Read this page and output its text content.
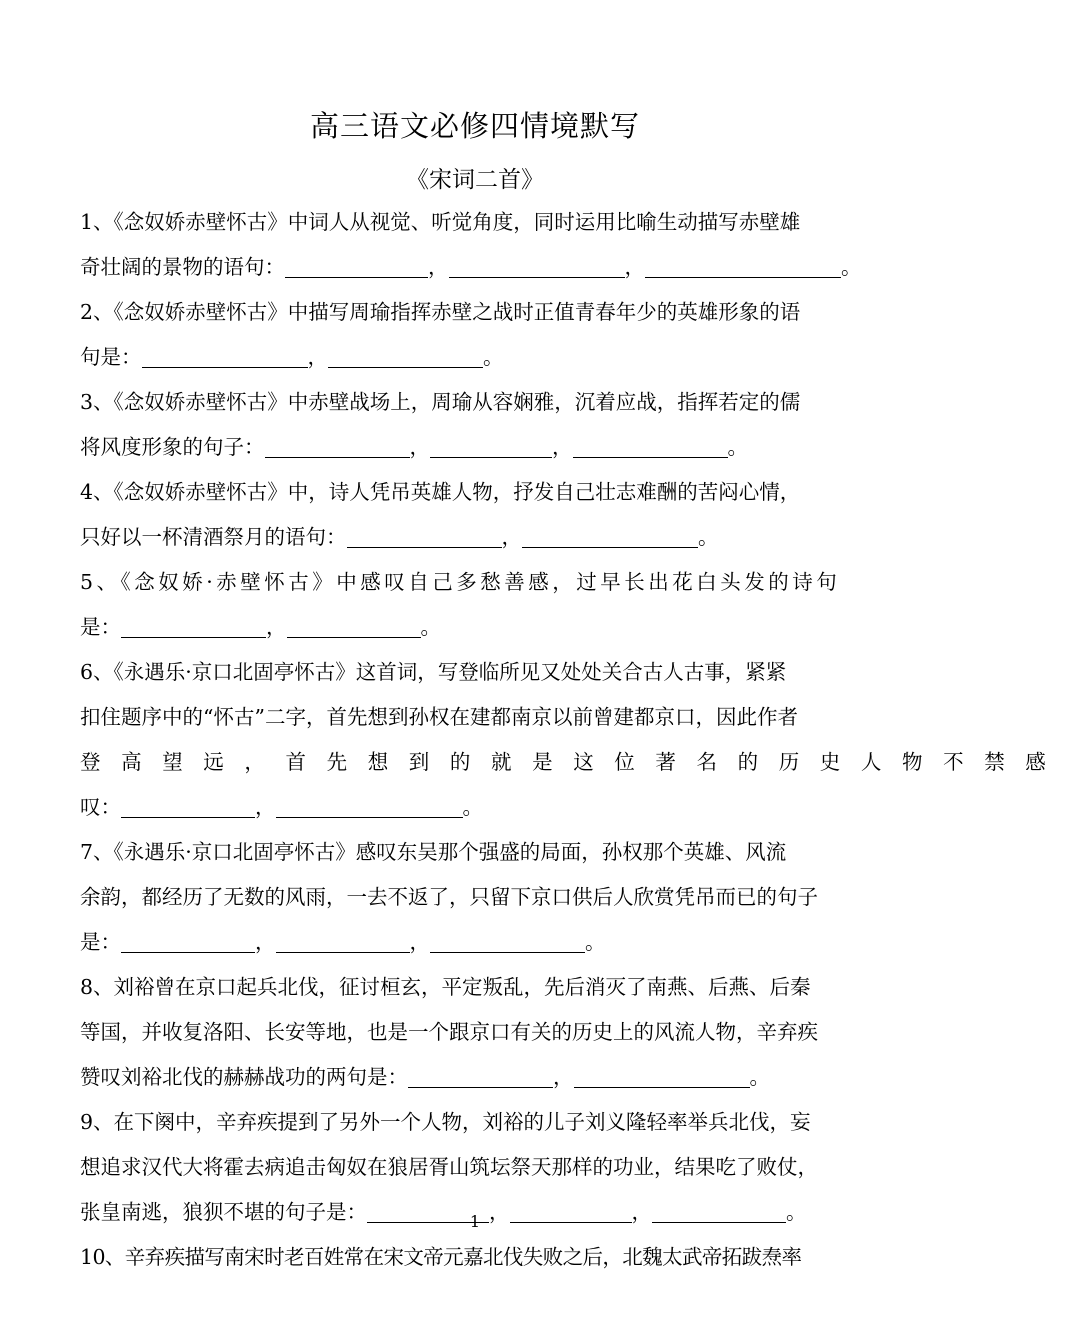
高三语文必修四情境默写
《宋词二首》
1、《念奴娇赤壁怀古》中词人从视觉、听觉角度，同时运用比喻生动描写赤壁雄
奇壮阔的景物的语句：	，	，	。
2、《念奴娇赤壁怀古》中描写周瑜指挥赤壁之战时正值青春年少的英雄形象的语
句是：	，	。
3、《念奴娇赤壁怀古》中赤壁战场上，周瑜从容娴雅，沉着应战，指挥若定的儒
将风度形象的句子：	，	，	。
4、《念奴娇赤壁怀古》中，诗人凭吊英雄人物，抒发自己壮志难酬的苦闷心情，
只好以一杯清酒祭月的语句：	，	。
5、《念奴娇·赤壁怀古》中感叹自己多愁善感，过早长出花白头发的诗句
是：	，	。
6、《永遇乐·京口北固亭怀古》这首词，写登临所见又处处关合古人古事，紧紧
扣住题序中的“怀古”二字，首先想到孙权在建都南京以前曾建都京口，因此作者
登高望远，首先想到的就是这位著名的历史人物不禁感
叹：	，	。
7、《永遇乐·京口北固亭怀古》感叹东吴那个强盛的局面，孙权那个英雄、风流
余韵，都经历了无数的风雨，一去不返了，只留下京口供后人欣赏凭吊而已的句子
是：	，	，	。
8、刘裕曾在京口起兵北伐，征讨桓玄，平定叛乱，先后消灭了南燕、后燕、后秦
等国，并收复洛阳、长安等地，也是一个跟京口有关的历史上的风流人物，辛弃疾
赞叹刘裕北伐的赫赫战功的两句是：	，	。
9、在下阕中，辛弃疾提到了另外一个人物，刘裕的儿子刘义隆轻率举兵北伐，妄
想追求汉代大将霍去病追击匈奴在狼居胥山筑坛祭天那样的功业，结果吃了败仗，
张皇南逃，狼狈不堪的句子是：	，	，	。
10、辛弃疾描写南宋时老百姓常在宋文帝元嘉北伐失败之后，北魏太武帝拓跋焘率
1
